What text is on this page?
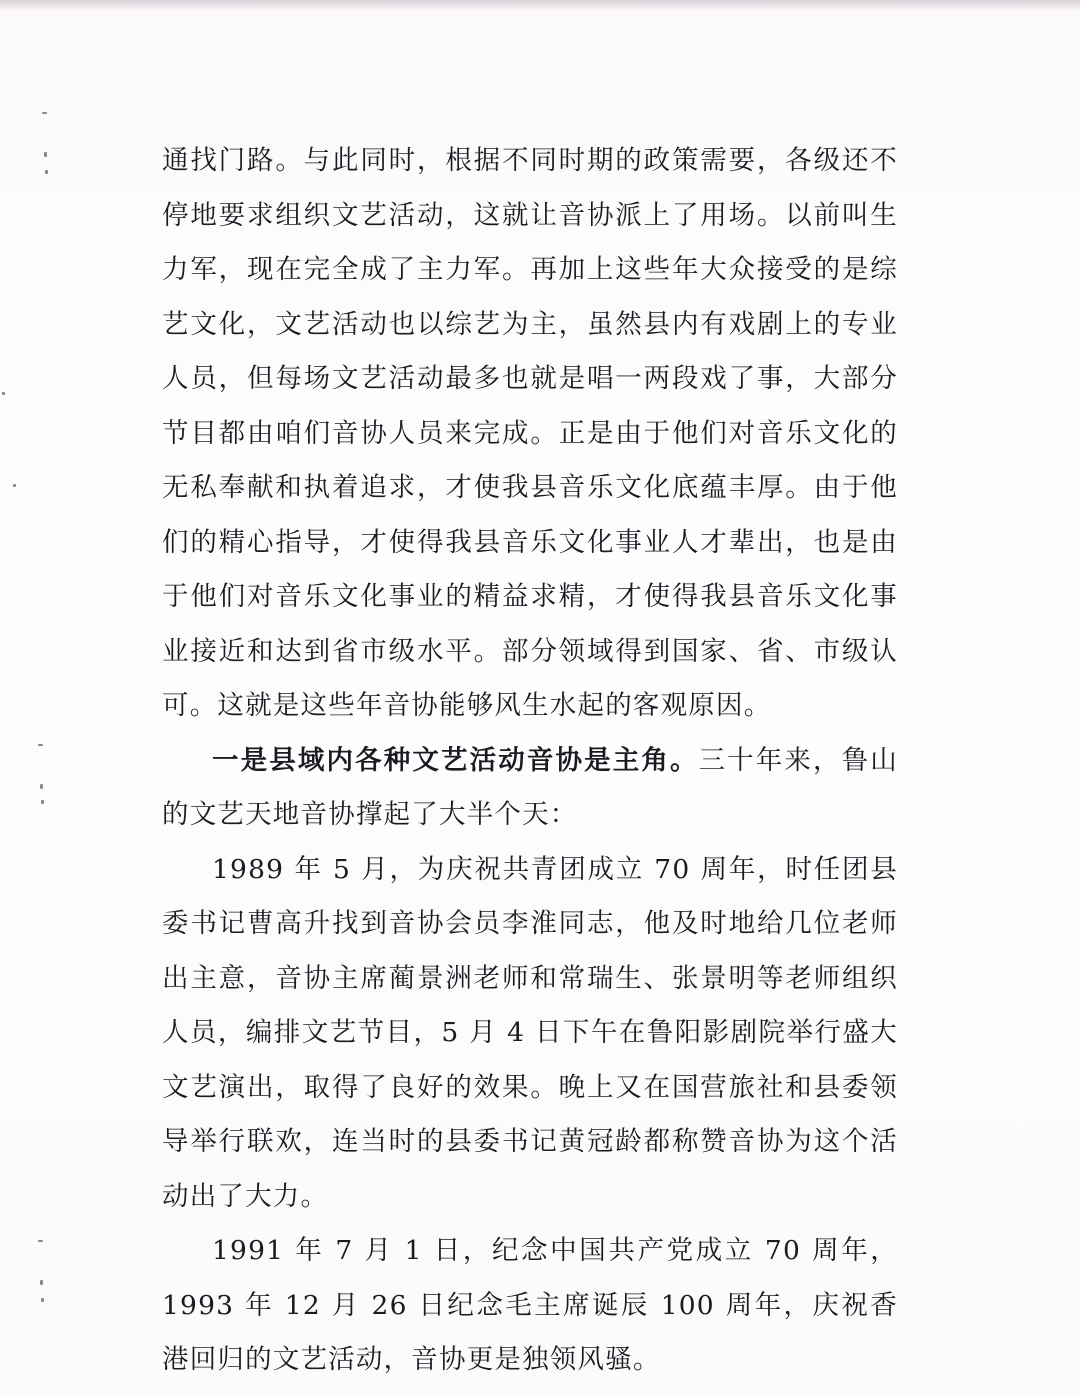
通找门路。与此同时，根据不同时期的政策需要，各级还不停地要求组织文艺活动，这就让音协派上了用场。以前叫生力军，现在完全成了主力军。再加上这些年大众接受的是综艺文化，文艺活动也以综艺为主，虽然县内有戏剧上的专业人员，但每场文艺活动最多也就是唱一两段戏了事，大部分节目都由咱们音协人员来完成。正是由于他们对音乐文化的无私奉献和执着追求，才使我县音乐文化底蕴丰厚。由于他们的精心指导，才使得我县音乐文化事业人才辈出，也是由于他们对音乐文化事业的精益求精，才使得我县音乐文化事业接近和达到省市级水平。部分领域得到国家、省、市级认可。这就是这些年音协能够风生水起的客观原因。

一是县域内各种文艺活动音协是主角。三十年来，鲁山的文艺天地音协撑起了大半个天：

1989 年 5 月，为庆祝共青团成立 70 周年，时任团县委书记曹高升找到音协会员李淮同志，他及时地给几位老师出主意，音协主席蔺景洲老师和常瑞生、张景明等老师组织人员，编排文艺节目，5 月 4 日下午在鲁阳影剧院举行盛大文艺演出，取得了良好的效果。晚上又在国营旅社和县委领导举行联欢，连当时的县委书记黄冠龄都称赞音协为这个活动出了大力。

1991 年 7 月 1 日，纪念中国共产党成立 70 周年，1993 年 12 月 26 日纪念毛主席诞辰 100 周年，庆祝香港回归的文艺活动，音协更是独领风骚。
